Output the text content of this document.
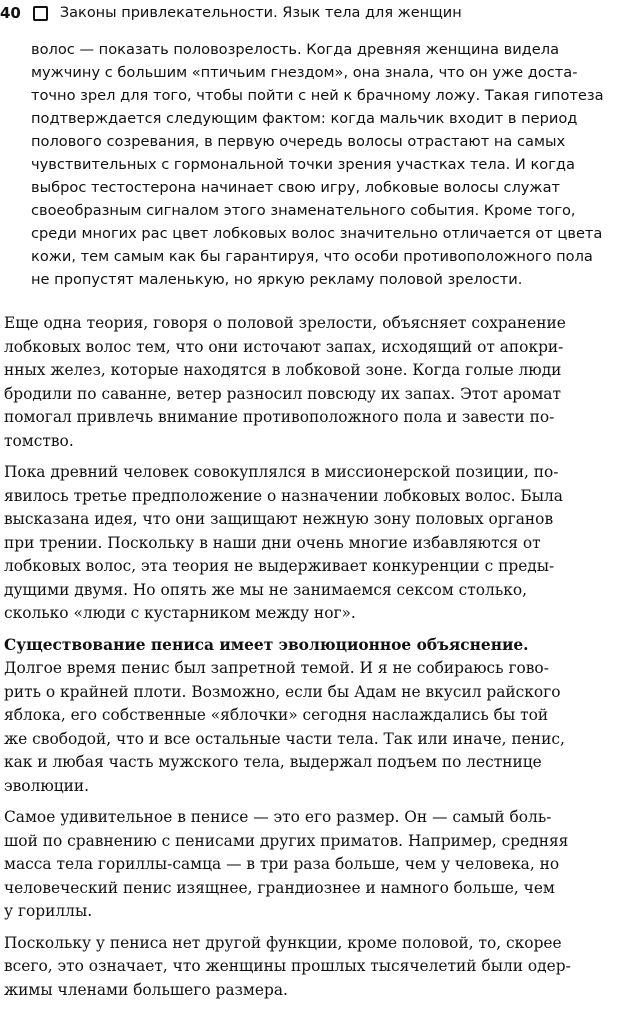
40	Законы привлекательности. Язык тела для женщин
волос — показать половозрелость. Когда древняя женщина видела
мужчину с большим «птичьим гнездом», она знала, что он уже доста-
точно зрел для того, чтобы пойти с ней к брачному ложу. Такая гипотеза
подтверждается следующим фактом: когда мальчик входит в период
полового созревания, в первую очередь волосы отрастают на самых
чувствительных с гормональной точки зрения участках тела. И когда
выброс тестостерона начинает свою игру, лобковые волосы служат
своеобразным сигналом этого знаменательного события. Кроме того,
среди многих рас цвет лобковых волос значительно отличается от цвета
кожи, тем самым как бы гарантируя, что особи противоположного пола
не пропустят маленькую, но яркую рекламу половой зрелости.
Еще одна теория, говоря о половой зрелости, объясняет сохранение
лобковых волос тем, что они источают запах, исходящий от апокри-
нных желез, которые находятся в лобковой зоне. Когда голые люди
бродили по саванне, ветер разносил повсюду их запах. Этот аромат
помогал привлечь внимание противоположного пола и завести по-
томство.
Пока древний человек совокуплялся в миссионерской позиции, по-
явилось третье предположение о назначении лобковых волос. Была
высказана идея, что они защищают нежную зону половых органов
при трении. Поскольку в наши дни очень многие избавляются от
лобковых волос, эта теория не выдерживает конкуренции с преды-
дущими двумя. Но опять же мы не занимаемся сексом столько,
сколько «люди с кустарником между ног».
Существование пениса имеет эволюционное объяснение.
Долгое время пенис был запретной темой. И я не собираюсь гово-
рить о крайней плоти. Возможно, если бы Адам не вкусил райского
яблока, его собственные «яблочки» сегодня наслаждались бы той
же свободой, что и все остальные части тела. Так или иначе, пенис,
как и любая часть мужского тела, выдержал подъем по лестнице
эволюции.
Самое удивительное в пенисе — это его размер. Он — самый боль-
шой по сравнению с пенисами других приматов. Например, средняя
масса тела гориллы-самца — в три раза больше, чем у человека, но
человеческий пенис изящнее, грандиознее и намного больше, чем
у гориллы.
Поскольку у пениса нет другой функции, кроме половой, то, скорее
всего, это означает, что женщины прошлых тысячелетий были одер-
жимы членами большего размера.
